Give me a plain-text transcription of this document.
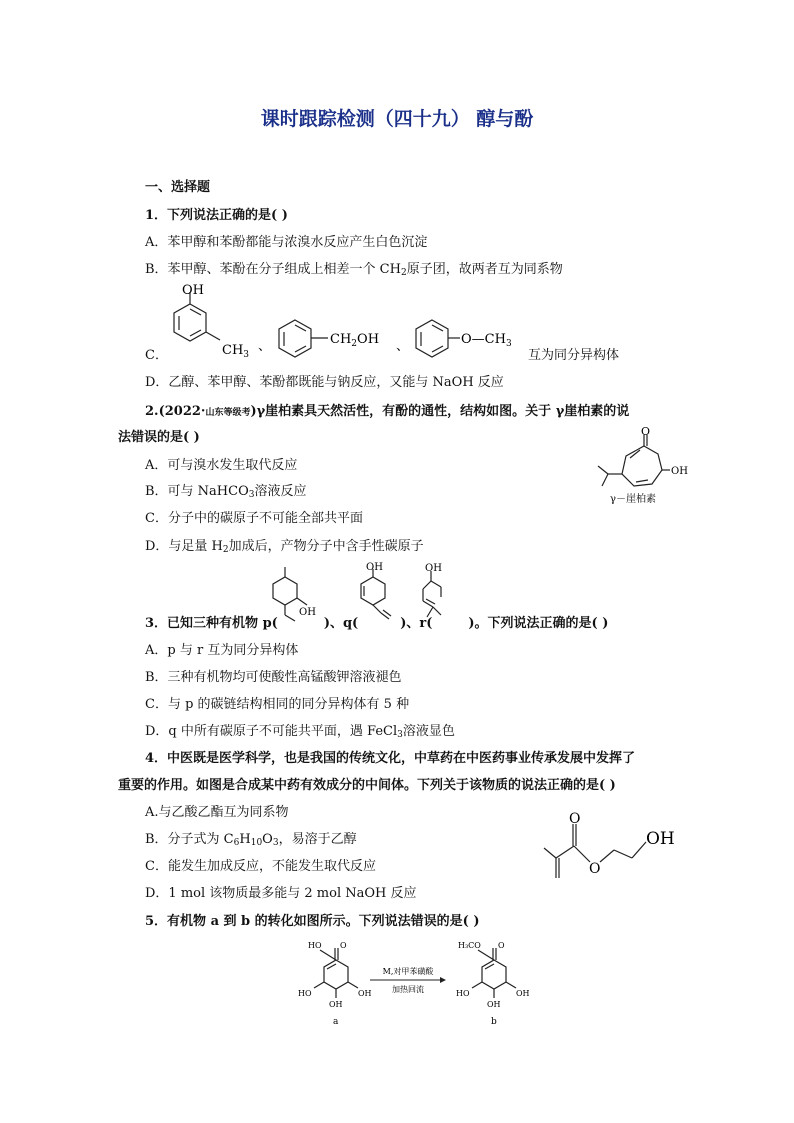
课时跟踪检测（四十九） 醇与酚
一、选择题
1．下列说法正确的是( )
A．苯甲醇和苯酚都能与浓溴水反应产生白色沉淀
B．苯甲醇、苯酚在分子组成上相差一个 $CH_2$原子团，故两者互为同系物
OH
$CH_3$
、	$CH_2OH$ 、	$O—CH_3$
C．	互为同分异构体
D．乙醇、苯甲醇、苯酚都既能与钠反应，又能与 NaOH 反应
2.(2022·山东等级考)γ崖柏素具天然活性，有酚的通性，结构如图。关于 γ崖柏素的说
法错误的是( )
A．可与溴水发生取代反应
B．可与 NaHCO$_3$溶液反应
C．分子中的碳原子不可能全部共平面
D．与足量 $H_2$加成后，产物分子中含手性碳原子
O
OH
γ－崖柏素
OH
OH	OH
3．已知三种有机物 p(	)、q(	)、r(	)。下列说法正确的是( )
A．p 与 r 互为同分异构体
B．三种有机物均可使酸性高锰酸钾溶液褪色
C．与 p 的碳链结构相同的同分异构体有 5 种
D．q 中所有碳原子不可能共平面，遇 FeCl$_3$溶液显色
4．中医既是医学科学，也是我国的传统文化，中草药在中医药事业传承发展中发挥了
重要的作用。如图是合成某中药有效成分的中间体。下列关于该物质的说法正确的是( )
A.与乙酸乙酯互为同系物
B．分子式为 $C_6H_{10}O_3$，易溶于乙醇
C．能发生加成反应，不能发生取代反应
D．1 mol 该物质最多能与 2 mol NaOH 反应
O
O
OH
5．有机物 a 到 b 的转化如图所示。下列说法错误的是( )
HO O
HO	OH
OH
a
M,对甲苯磺酸
加热回流
H₃CO O
HO	OH
OH
b
